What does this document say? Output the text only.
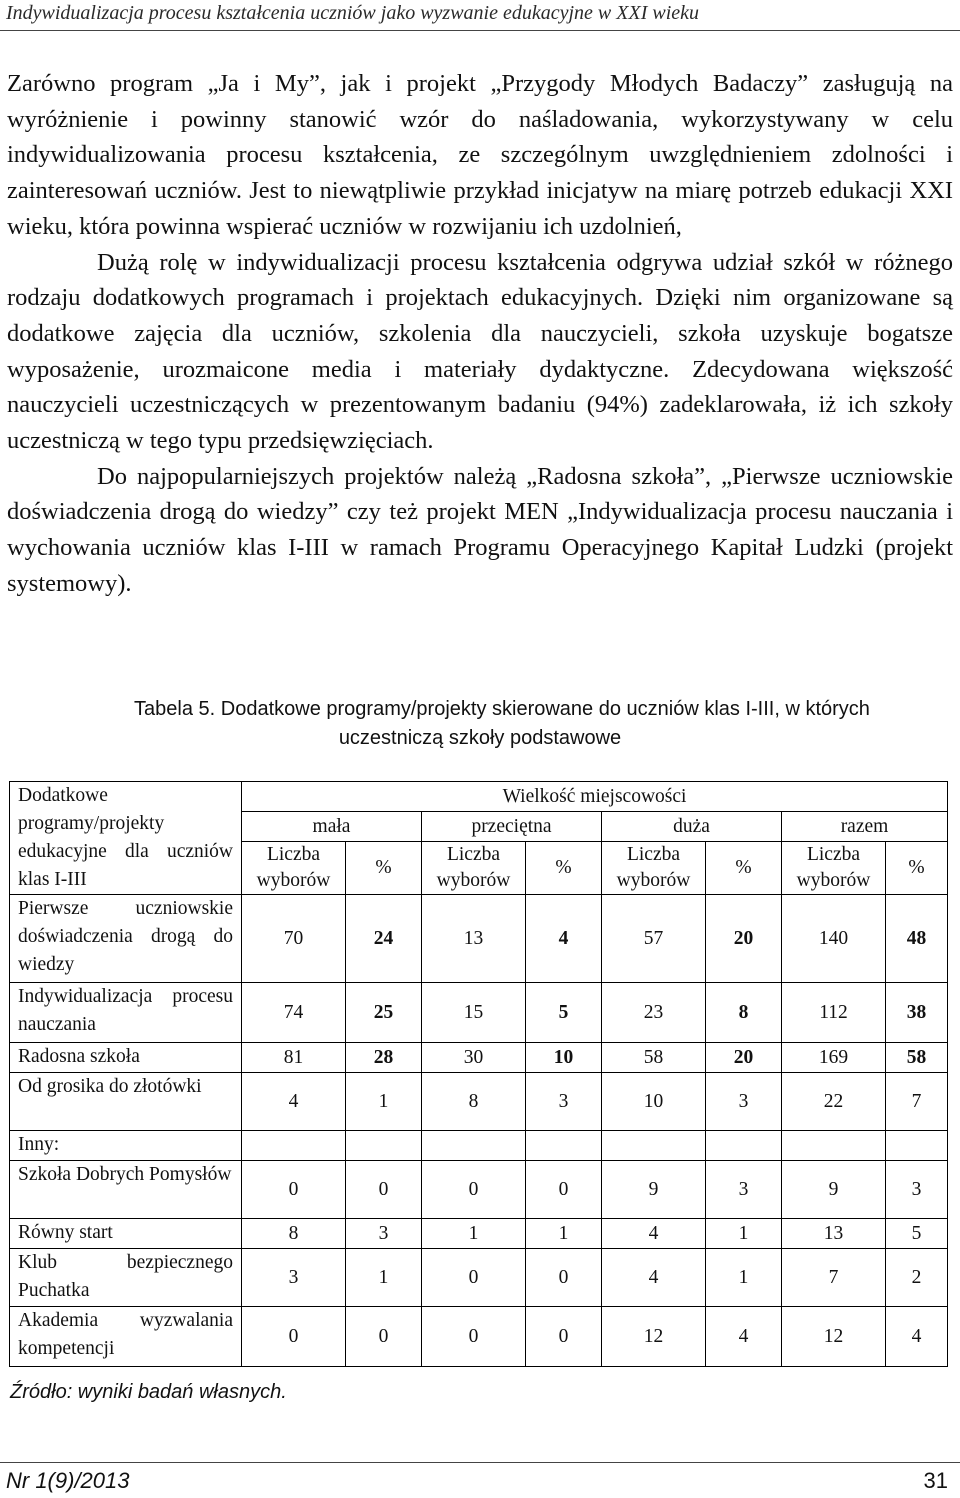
Indywidualizacja procesu kształcenia uczniów jako wyzwanie edukacyjne w XXI wieku

Zarówno program „Ja i My”, jak i projekt „Przygody Młodych Badaczy” zasługują na wyróżnienie i powinny stanowić wzór do naśladowania, wykorzystywany w celu indywidualizowania procesu kształcenia, ze szczególnym uwzględnieniem zdolności i zainteresowań uczniów. Jest to niewątpliwie przykład inicjatyw na miarę potrzeb edukacji XXI wieku, która powinna wspierać uczniów w rozwijaniu ich uzdolnień,

Dużą rolę w indywidualizacji procesu kształcenia odgrywa udział szkół w różnego rodzaju dodatkowych programach i projektach edukacyjnych. Dzięki nim organizowane są dodatkowe zajęcia dla uczniów, szkolenia dla nauczycieli, szkoła uzyskuje bogatsze wyposażenie, urozmaicone media i materiały dydaktyczne. Zdecydowana większość nauczycieli uczestniczących w prezentowanym badaniu (94%) zadeklarowała, iż ich szkoły uczestniczą w tego typu przedsięwzięciach.

Do najpopularniejszych projektów należą „Radosna szkoła”, „Pierwsze uczniowskie doświadczenia drogą do wiedzy” czy też projekt MEN „Indywidualizacja procesu nauczania i wychowania uczniów klas I-III w ramach Programu Operacyjnego Kapitał Ludzki (projekt systemowy).

Tabela 5. Dodatkowe programy/projekty skierowane do uczniów klas I-III, w których
uczestniczą szkoły podstawowe
Dodatkowe programy/projekty edukacyjne dla uczniów klas I-III	Wielkość miejscowości							
	mała		przeciętna		duża		razem	
	Liczba wyborów	%	Liczba wyborów	%	Liczba wyborów	%	Liczba wyborów	%
Pierwsze uczniowskie doświadczenia drogą do wiedzy	70	24	13	4	57	20	140	48
Indywidualizacja procesu nauczania	74	25	15	5	23	8	112	38
Radosna szkoła	81	28	30	10	58	20	169	58
Od grosika do złotówki	4	1	8	3	10	3	22	7
Inny:								
Szkoła Dobrych Pomysłów	0	0	0	0	9	3	9	3
Równy start	8	3	1	1	4	1	13	5
Klub bezpiecznego Puchatka	3	1	0	0	4	1	7	2
Akademia wyzwalania kompetencji	0	0	0	0	12	4	12	4
Źródło: wyniki badań własnych.
Nr 1(9)/2013	31
